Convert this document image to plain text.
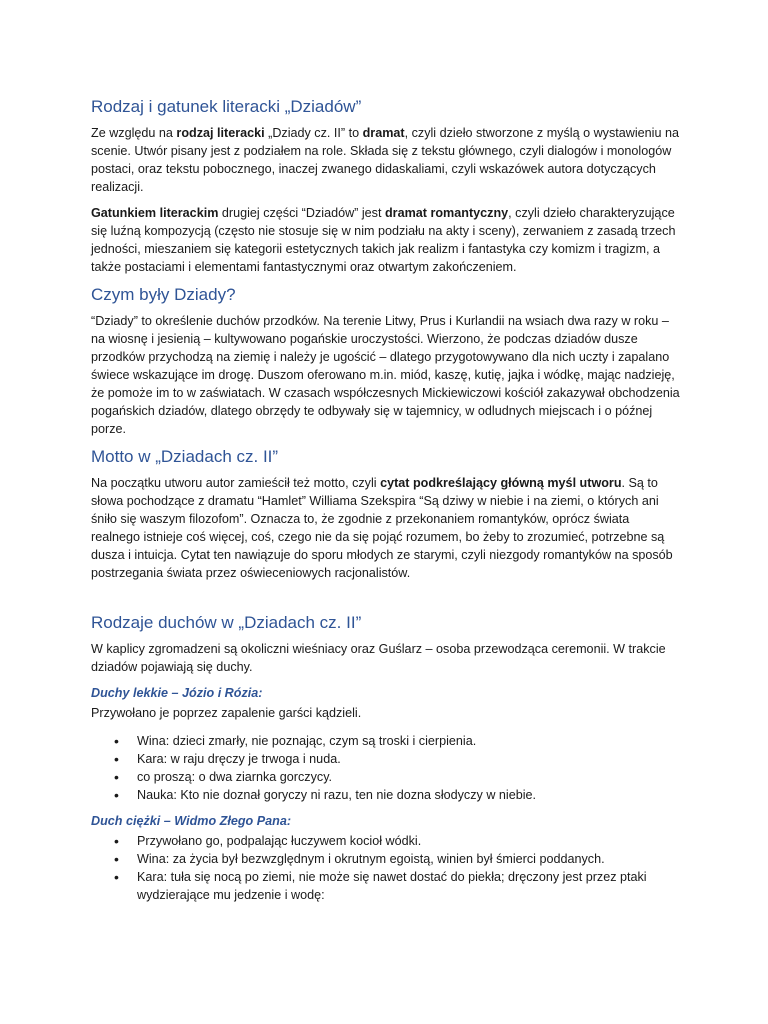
Rodzaj i gatunek literacki „Dziadów”

Ze względu na rodzaj literacki „Dziady cz. II” to dramat, czyli dzieło stworzone z myślą o wystawieniu na scenie. Utwór pisany jest z podziałem na role. Składa się z tekstu głównego, czyli dialogów i monologów postaci, oraz tekstu pobocznego, inaczej zwanego didaskaliami, czyli wskazówek autora dotyczących realizacji.

Gatunkiem literackim drugiej części “Dziadów” jest dramat romantyczny, czyli dzieło charakteryzujące się luźną kompozycją (często nie stosuje się w nim podziału na akty i sceny), zerwaniem z zasadą trzech jedności, mieszaniem się kategorii estetycznych takich jak realizm i fantastyka czy komizm i tragizm, a także postaciami i elementami fantastycznymi oraz otwartym zakończeniem.

Czym były Dziady?

“Dziady” to określenie duchów przodków. Na terenie Litwy, Prus i Kurlandii na wsiach dwa razy w roku – na wiosnę i jesienią – kultywowano pogańskie uroczystości. Wierzono, że podczas dziadów dusze przodków przychodzą na ziemię i należy je ugościć – dlatego przygotowywano dla nich uczty i zapalano świece wskazujące im drogę. Duszom oferowano m.in. miód, kaszę, kutię, jajka i wódkę, mając nadzieję, że pomoże im to w zaświatach. W czasach współczesnych Mickiewiczowi kościół zakazywał obchodzenia pogańskich dziadów, dlatego obrzędy te odbywały się w tajemnicy, w odludnych miejscach i o późnej porze.

Motto w „Dziadach cz. II”

Na początku utworu autor zamieścił też motto, czyli cytat podkreślający główną myśl utworu. Są to słowa pochodzące z dramatu “Hamlet” Williama Szekspira “Są dziwy w niebie i na ziemi, o których ani śniło się waszym filozofom”. Oznacza to, że zgodnie z przekonaniem romantyków, oprócz świata realnego istnieje coś więcej, coś, czego nie da się pojąć rozumem, bo żeby to zrozumieć, potrzebne są dusza i intuicja. Cytat ten nawiązuje do sporu młodych ze starymi, czyli niezgody romantyków na sposób postrzegania świata przez oświeceniowych racjonalistów.

Rodzaje duchów w „Dziadach cz. II”

W kaplicy zgromadzeni są okoliczni wieśniacy oraz Guślarz – osoba przewodząca ceremonii. W trakcie dziadów pojawiają się duchy.

Duchy lekkie – Józio i Rózia:

Przywołano je poprzez zapalenie garści kądzieli.

• Wina: dzieci zmarły, nie poznając, czym są troski i cierpienia.
• Kara: w raju dręczy je trwoga i nuda.
• co proszą: o dwa ziarnka gorczycy.
• Nauka: Kto nie doznał goryczy ni razu, ten nie dozna słodyczy w niebie.
Duch ciężki – Widmo Złego Pana:
• Przywołano go, podpalając łuczywem kocioł wódki.
• Wina: za życia był bezwzględnym i okrutnym egoistą, winien był śmierci poddanych.
• Kara: tuła się nocą po ziemi, nie może się nawet dostać do piekła; dręczony jest przez ptaki wydzierające mu jedzenie i wodę:
